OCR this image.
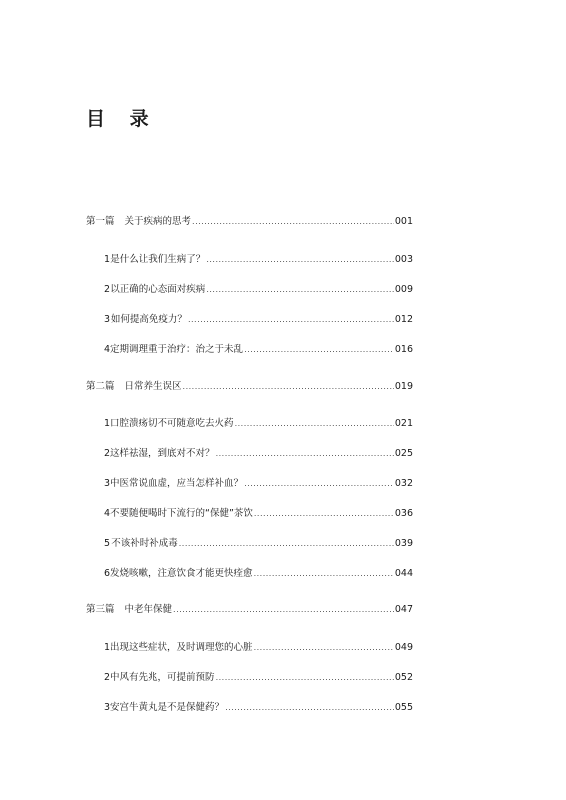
目 录
第一篇 关于疾病的思考 .....	001
1 是什么让我们生病了？ .....	003
2 以正确的心态面对疾病 .....	009
3 如何提高免疫力？ .....	012
4 定期调理重于治疗：治之于未乱 .....	016
第二篇 日常养生误区 .....	019
1 口腔溃疡切不可随意吃去火药 .....	021
2 这样祛湿，到底对不对？ .....	025
3 中医常说血虚，应当怎样补血？ .....	032
4 不要随便喝时下流行的“保健”茶饮 .....	036
5 不该补时补成毒 .....	039
6 发烧咳嗽，注意饮食才能更快痊愈 .....	044
第三篇 中老年保健 .....	047
1 出现这些症状，及时调理您的心脏 .....	049
2 中风有先兆，可提前预防 .....	052
3 安宫牛黄丸是不是保健药？ .....	055
